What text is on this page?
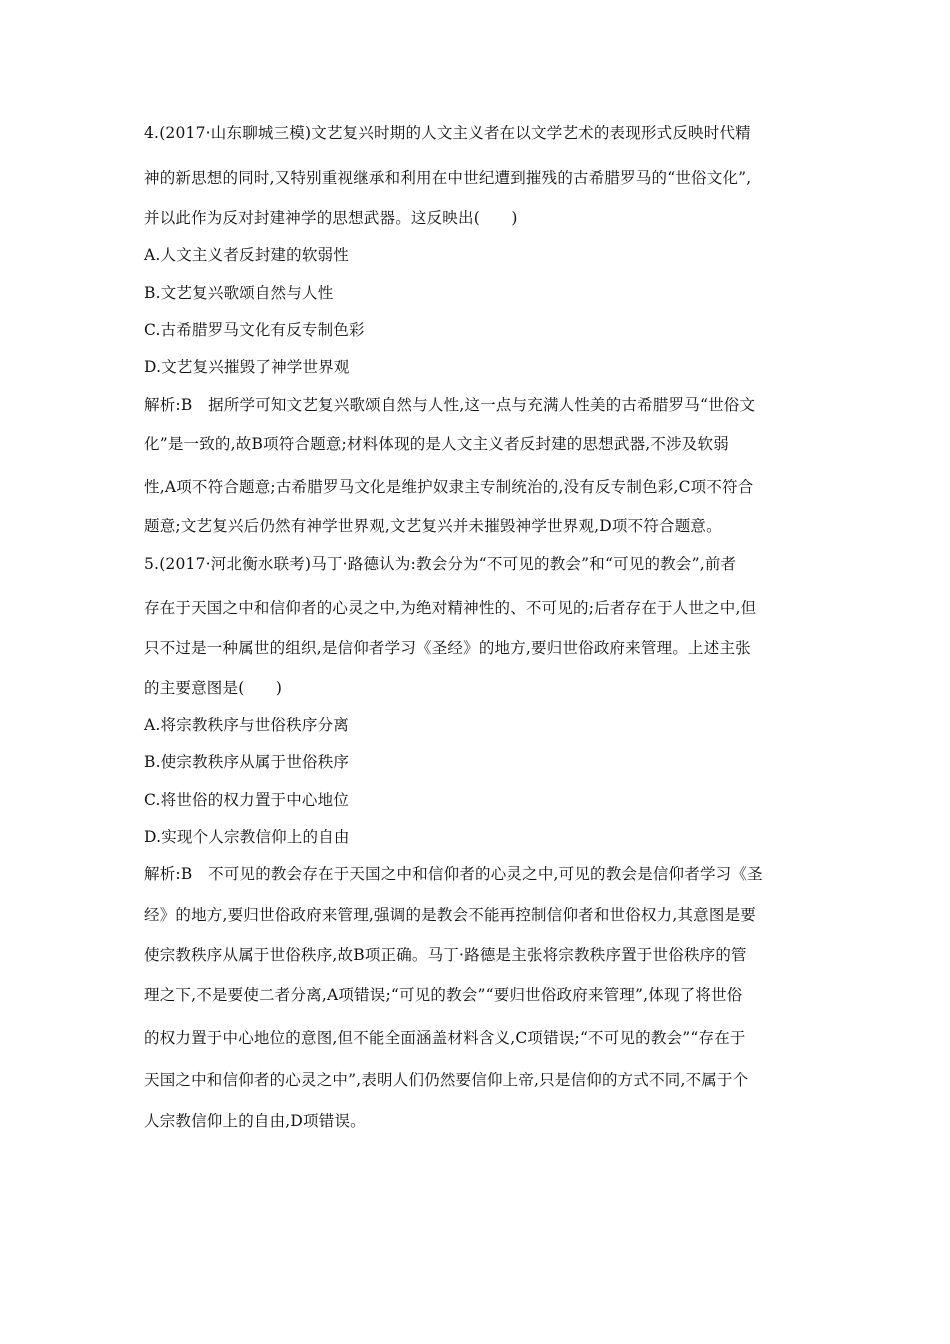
4.(2017·山东聊城三模)文艺复兴时期的人文主义者在以文学艺术的表现形式反映时代精
神的新思想的同时,又特别重视继承和利用在中世纪遭到摧残的古希腊罗马的“世俗文化”,
并以此作为反对封建神学的思想武器。这反映出(　　)
A.人文主义者反封建的软弱性
B.文艺复兴歌颂自然与人性
C.古希腊罗马文化有反专制色彩
D.文艺复兴摧毁了神学世界观
解析:B　据所学可知文艺复兴歌颂自然与人性,这一点与充满人性美的古希腊罗马“世俗文
化”是一致的,故B项符合题意;材料体现的是人文主义者反封建的思想武器,不涉及软弱
性,A项不符合题意;古希腊罗马文化是维护奴隶主专制统治的,没有反专制色彩,C项不符合
题意;文艺复兴后仍然有神学世界观,文艺复兴并未摧毁神学世界观,D项不符合题意。
5.(2017·河北衡水联考)马丁·路德认为:教会分为“不可见的教会”和“可见的教会”,前者
存在于天国之中和信仰者的心灵之中,为绝对精神性的、不可见的;后者存在于人世之中,但
只不过是一种属世的组织,是信仰者学习《圣经》的地方,要归世俗政府来管理。上述主张
的主要意图是(　　)
A.将宗教秩序与世俗秩序分离
B.使宗教秩序从属于世俗秩序
C.将世俗的权力置于中心地位
D.实现个人宗教信仰上的自由
解析:B　不可见的教会存在于天国之中和信仰者的心灵之中,可见的教会是信仰者学习《圣
经》的地方,要归世俗政府来管理,强调的是教会不能再控制信仰者和世俗权力,其意图是要
使宗教秩序从属于世俗秩序,故B项正确。马丁·路德是主张将宗教秩序置于世俗秩序的管
理之下,不是要使二者分离,A项错误;“可见的教会”“要归世俗政府来管理”,体现了将世俗
的权力置于中心地位的意图,但不能全面涵盖材料含义,C项错误;“不可见的教会”“存在于
天国之中和信仰者的心灵之中”,表明人们仍然要信仰上帝,只是信仰的方式不同,不属于个
人宗教信仰上的自由,D项错误。
